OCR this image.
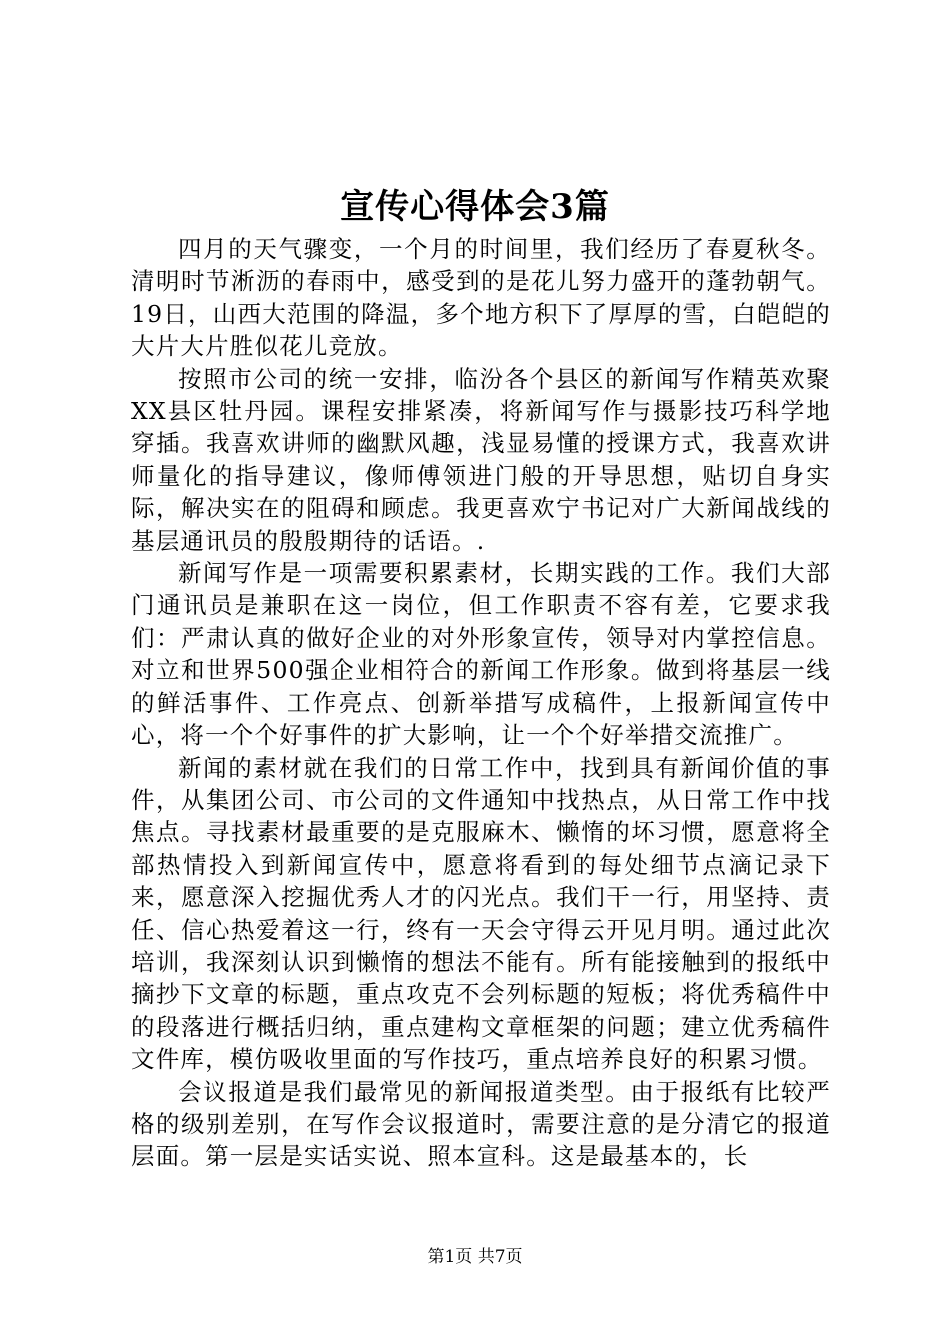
宣传心得体会3篇

四月的天气骤变，一个月的时间里，我们经历了春夏秋冬。清明时节淅沥的春雨中，感受到的是花儿努力盛开的蓬勃朝气。19日，山西大范围的降温，多个地方积下了厚厚的雪，白皑皑的大片大片胜似花儿竞放。

按照市公司的统一安排，临汾各个县区的新闻写作精英欢聚XX县区牡丹园。课程安排紧凑，将新闻写作与摄影技巧科学地穿插。我喜欢讲师的幽默风趣，浅显易懂的授课方式，我喜欢讲师量化的指导建议，像师傅领进门般的开导思想，贴切自身实际，解决实在的阻碍和顾虑。我更喜欢宁书记对广大新闻战线的基层通讯员的殷殷期待的话语。.

新闻写作是一项需要积累素材，长期实践的工作。我们大部门通讯员是兼职在这一岗位，但工作职责不容有差，它要求我们：严肃认真的做好企业的对外形象宣传，领导对内掌控信息。对立和世界500强企业相符合的新闻工作形象。做到将基层一线的鲜活事件、工作亮点、创新举措写成稿件，上报新闻宣传中心，将一个个好事件的扩大影响，让一个个好举措交流推广。

新闻的素材就在我们的日常工作中，找到具有新闻价值的事件，从集团公司、市公司的文件通知中找热点，从日常工作中找焦点。寻找素材最重要的是克服麻木、懒惰的坏习惯，愿意将全部热情投入到新闻宣传中，愿意将看到的每处细节点滴记录下来，愿意深入挖掘优秀人才的闪光点。我们干一行，用坚持、责任、信心热爱着这一行，终有一天会守得云开见月明。通过此次培训，我深刻认识到懒惰的想法不能有。所有能接触到的报纸中摘抄下文章的标题，重点攻克不会列标题的短板；将优秀稿件中的段落进行概括归纳，重点建构文章框架的问题；建立优秀稿件文件库，模仿吸收里面的写作技巧，重点培养良好的积累习惯。

会议报道是我们最常见的新闻报道类型。由于报纸有比较严格的级别差别，在写作会议报道时，需要注意的是分清它的报道层面。第一层是实话实说、照本宣科。这是最基本的，长

第1页 共7页
